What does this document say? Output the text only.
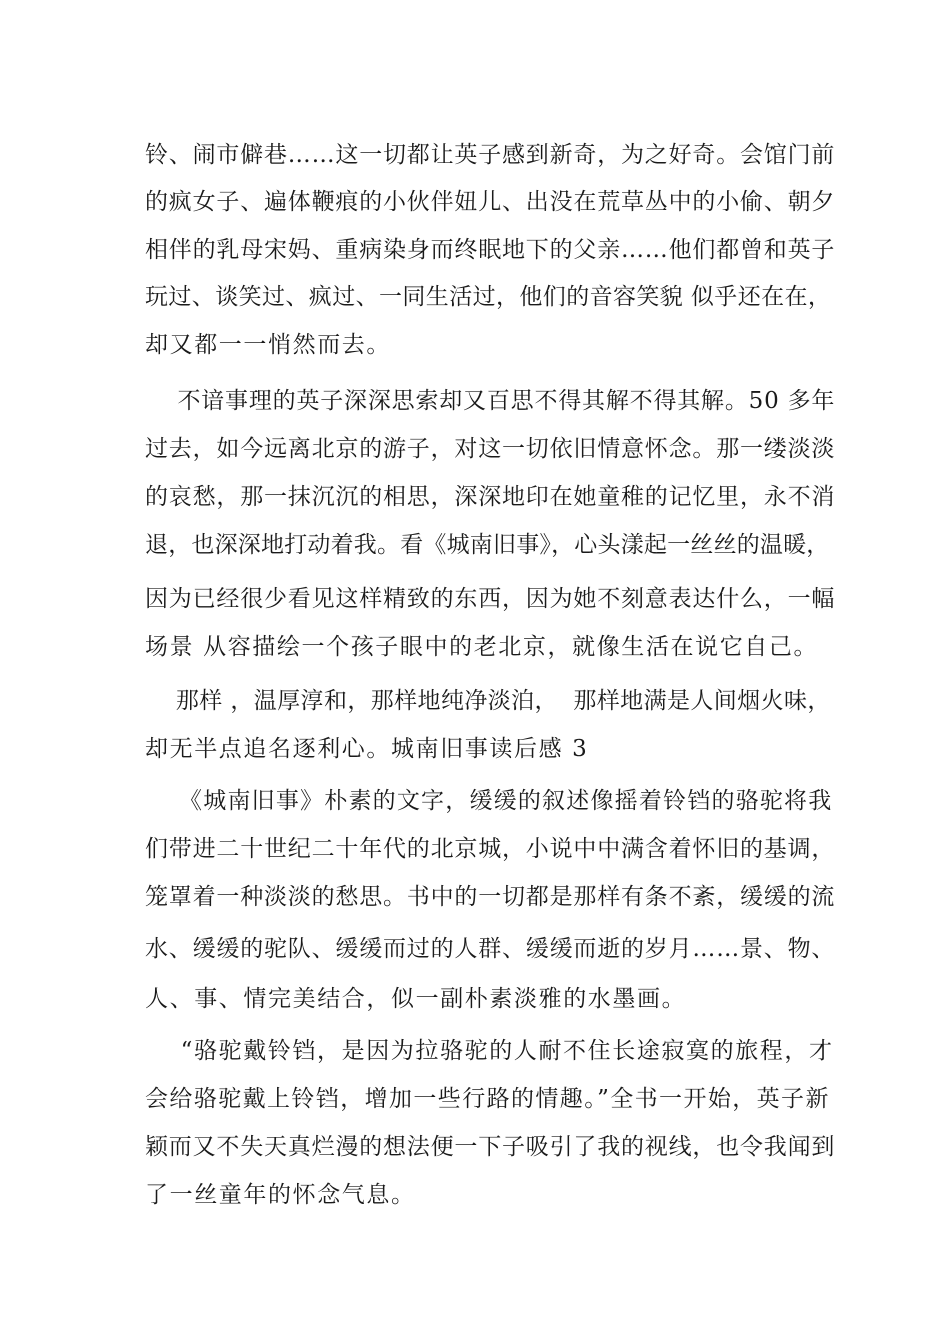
铃、闹市僻巷……这一切都让英子感到新奇，为之好奇。会馆门前
的疯女子、遍体鞭痕的小伙伴妞儿、出没在荒草丛中的小偷、朝夕
相伴的乳母宋妈、重病染身而终眠地下的父亲……他们都曾和英子
玩过、谈笑过、疯过、一同生活过，他们的音容笑貌 似乎还在在，
却又都一一悄然而去。
不谙事理的英子深深思索却又百思不得其解不得其解。50 多年
过去，如今远离北京的游子，对这一切依旧情意怀念。那一缕淡淡
的哀愁，那一抹沉沉的相思，深深地印在她童稚的记忆里，永不消
退，也深深地打动着我。看《城南旧事》，心头漾起一丝丝的温暖，
因为已经很少看见这样精致的东西，因为她不刻意表达什么，一幅
场景 从容描绘一个孩子眼中的老北京，就像生活在说它自己。
那样 ，温厚淳和，那样地纯净淡泊，  那样地满是人间烟火味，
却无半点追名逐利心。城南旧事读后感 3
《城南旧事》朴素的文字，缓缓的叙述像摇着铃铛的骆驼将我
们带进二十世纪二十年代的北京城，小说中中满含着怀旧的基调，
笼罩着一种淡淡的愁思。书中的一切都是那样有条不紊，缓缓的流
水、缓缓的驼队、缓缓而过的人群、缓缓而逝的岁月……景、物、
人、事、情完美结合，似一副朴素淡雅的水墨画。
“骆驼戴铃铛，是因为拉骆驼的人耐不住长途寂寞的旅程，才
会给骆驼戴上铃铛，增加一些行路的情趣。”全书一开始，英子新
颖而又不失天真烂漫的想法便一下子吸引了我的视线，也令我闻到
了一丝童年的怀念气息。
